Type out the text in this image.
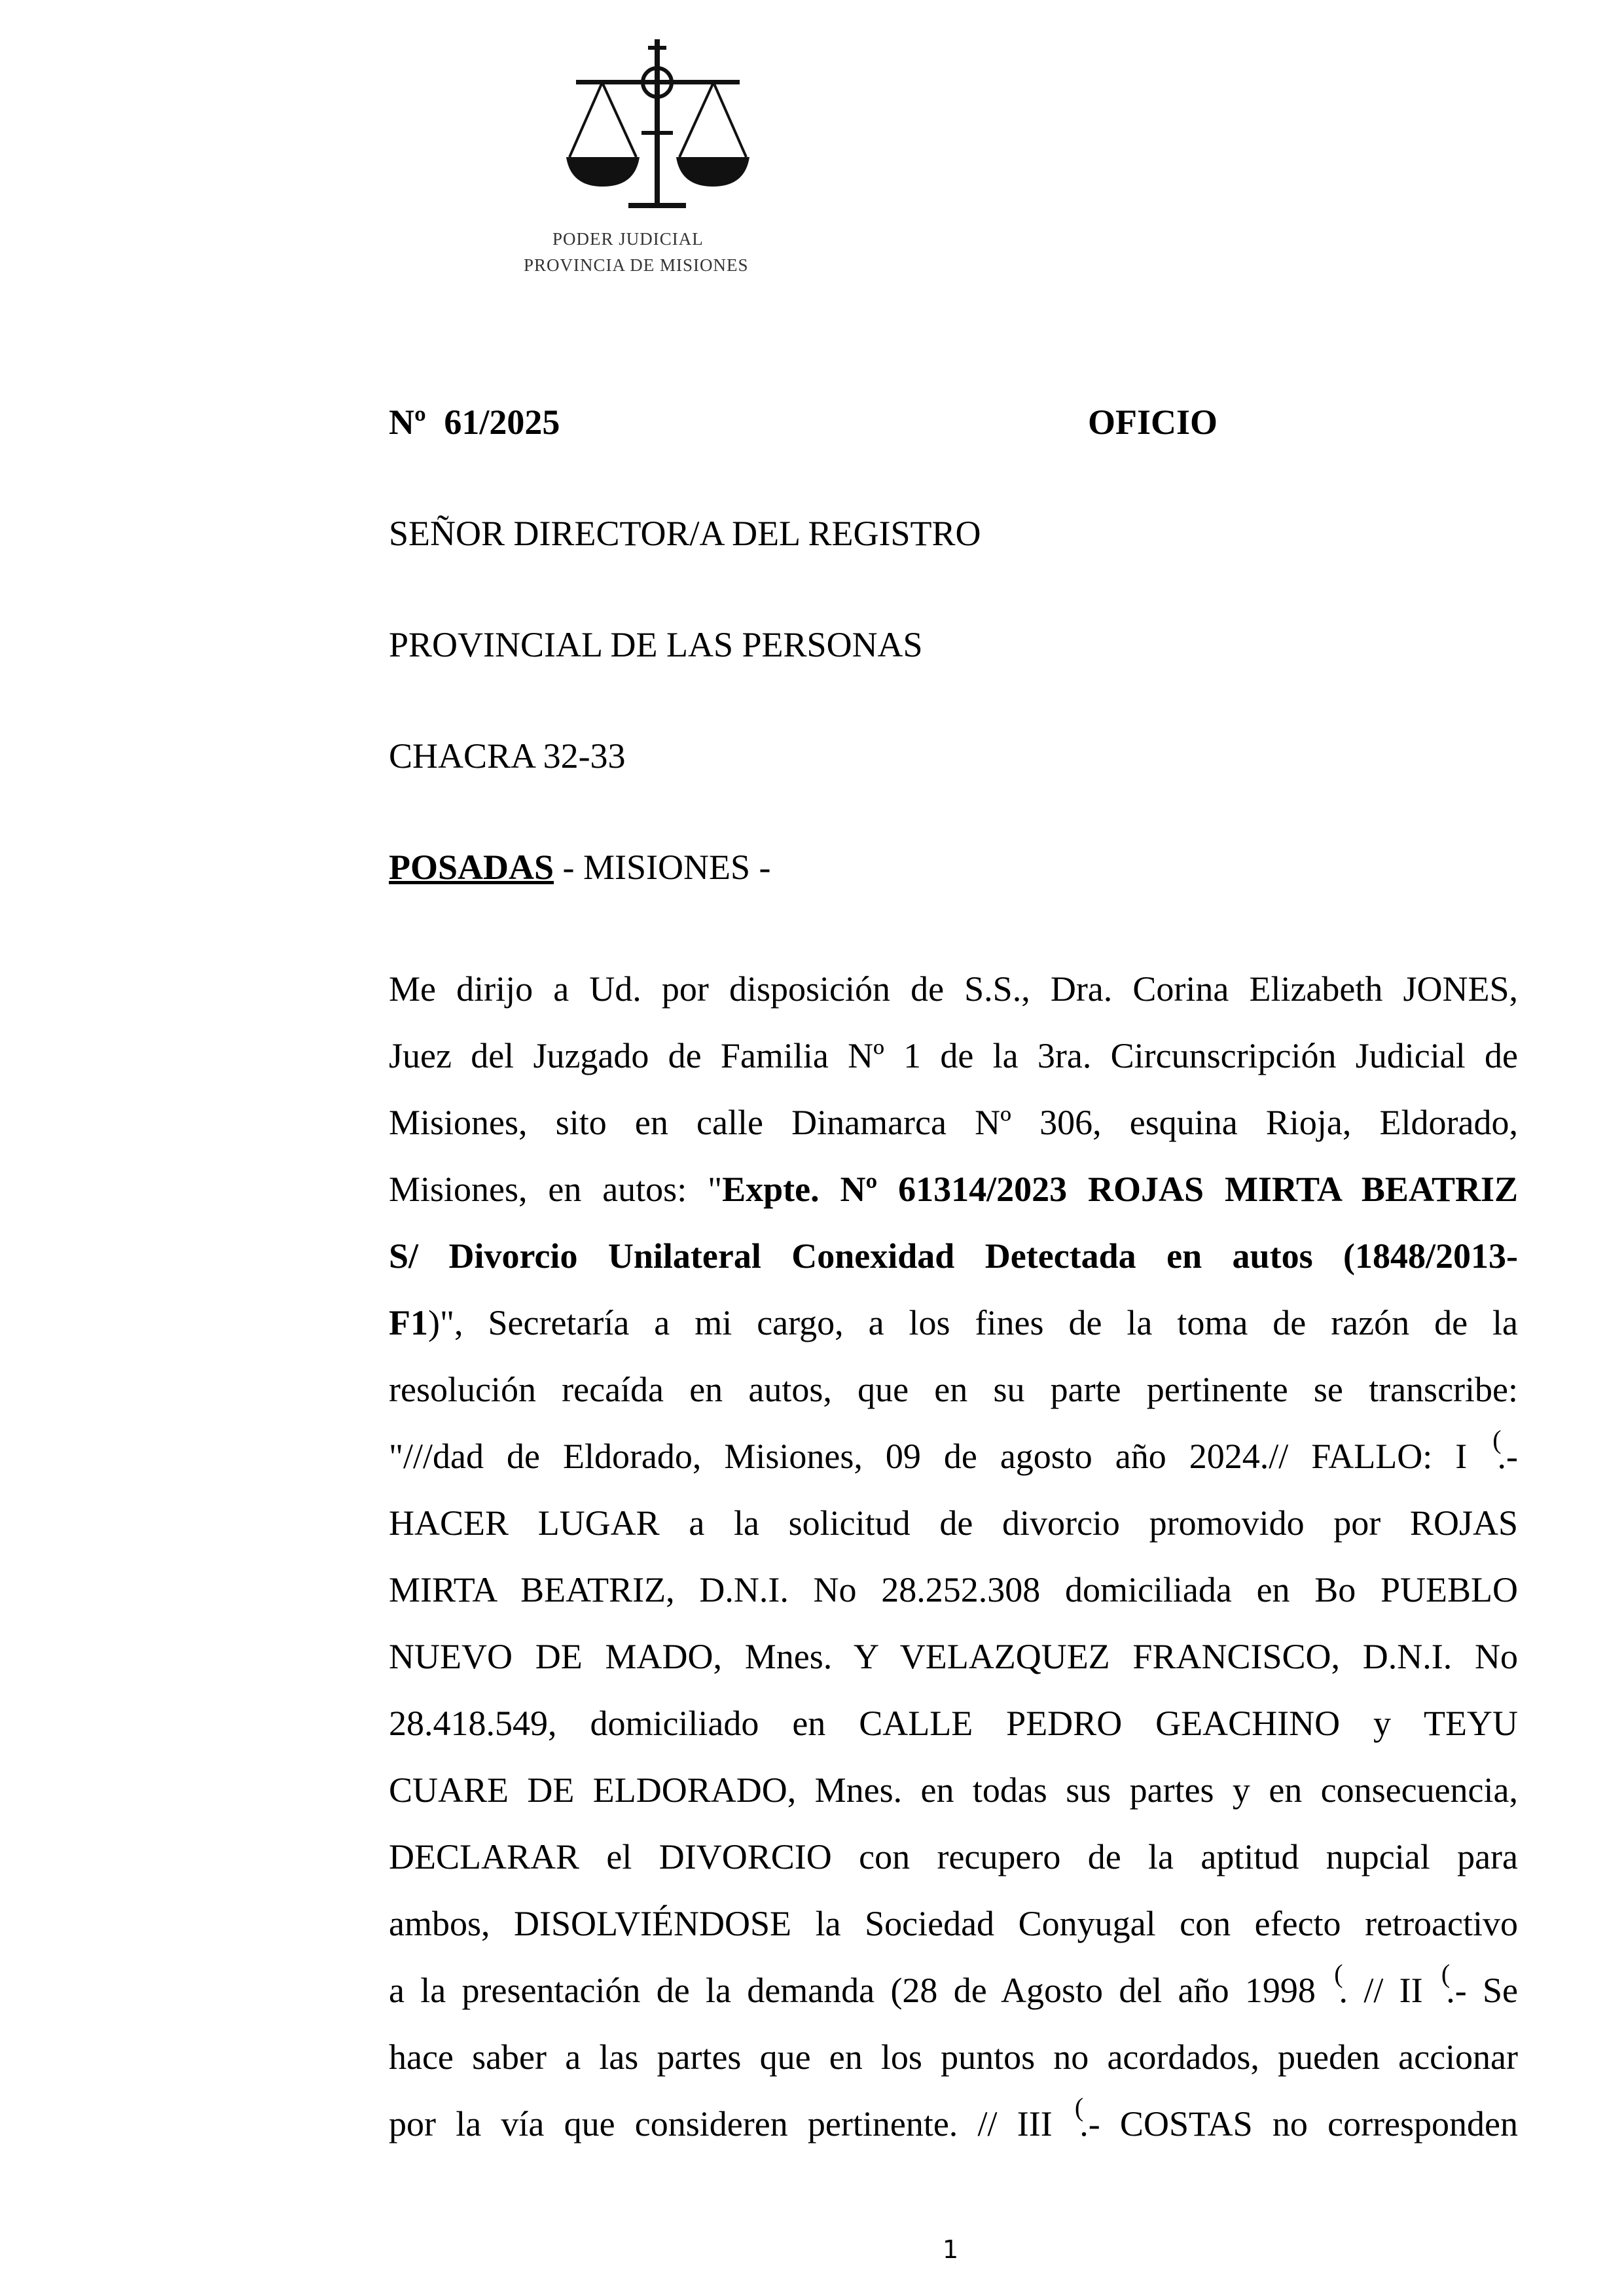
PODER JUDICIAL
PROVINCIA DE MISIONES
Nº 61/2025	OFICIO
SEÑOR DIRECTOR/A DEL REGISTRO
PROVINCIAL DE LAS PERSONAS
CHACRA 32-33
POSADAS - MISIONES -
Me dirijo a Ud. por disposición de S.S., Dra. Corina Elizabeth JONES,
Juez del Juzgado de Familia Nº 1 de la 3ra. Circunscripción Judicial de
Misiones, sito en calle Dinamarca Nº 306, esquina Rioja, Eldorado,
Misiones, en autos: "Expte. Nº 61314/2023 ROJAS MIRTA BEATRIZ
S/ Divorcio Unilateral Conexidad Detectada en autos (1848/2013-
F1)", Secretaría a mi cargo, a los fines de la toma de razón de la
resolución recaída en autos, que en su parte pertinente se transcribe:
"///dad de Eldorado, Misiones, 09 de agosto año 2024.// FALLO: I (.-
HACER LUGAR a la solicitud de divorcio promovido por ROJAS
MIRTA BEATRIZ, D.N.I. No 28.252.308 domiciliada en Bo PUEBLO
NUEVO DE MADO, Mnes. Y VELAZQUEZ FRANCISCO, D.N.I. No
28.418.549, domiciliado en CALLE PEDRO GEACHINO y TEYU
CUARE DE ELDORADO, Mnes. en todas sus partes y en consecuencia,
DECLARAR el DIVORCIO con recupero de la aptitud nupcial para
ambos, DISOLVIÉNDOSE la Sociedad Conyugal con efecto retroactivo
a la presentación de la demanda (28 de Agosto del año 1998 (. // II (.- Se
hace saber a las partes que en los puntos no acordados, pueden accionar
por la vía que consideren pertinente. // III (.- COSTAS no corresponden
1
